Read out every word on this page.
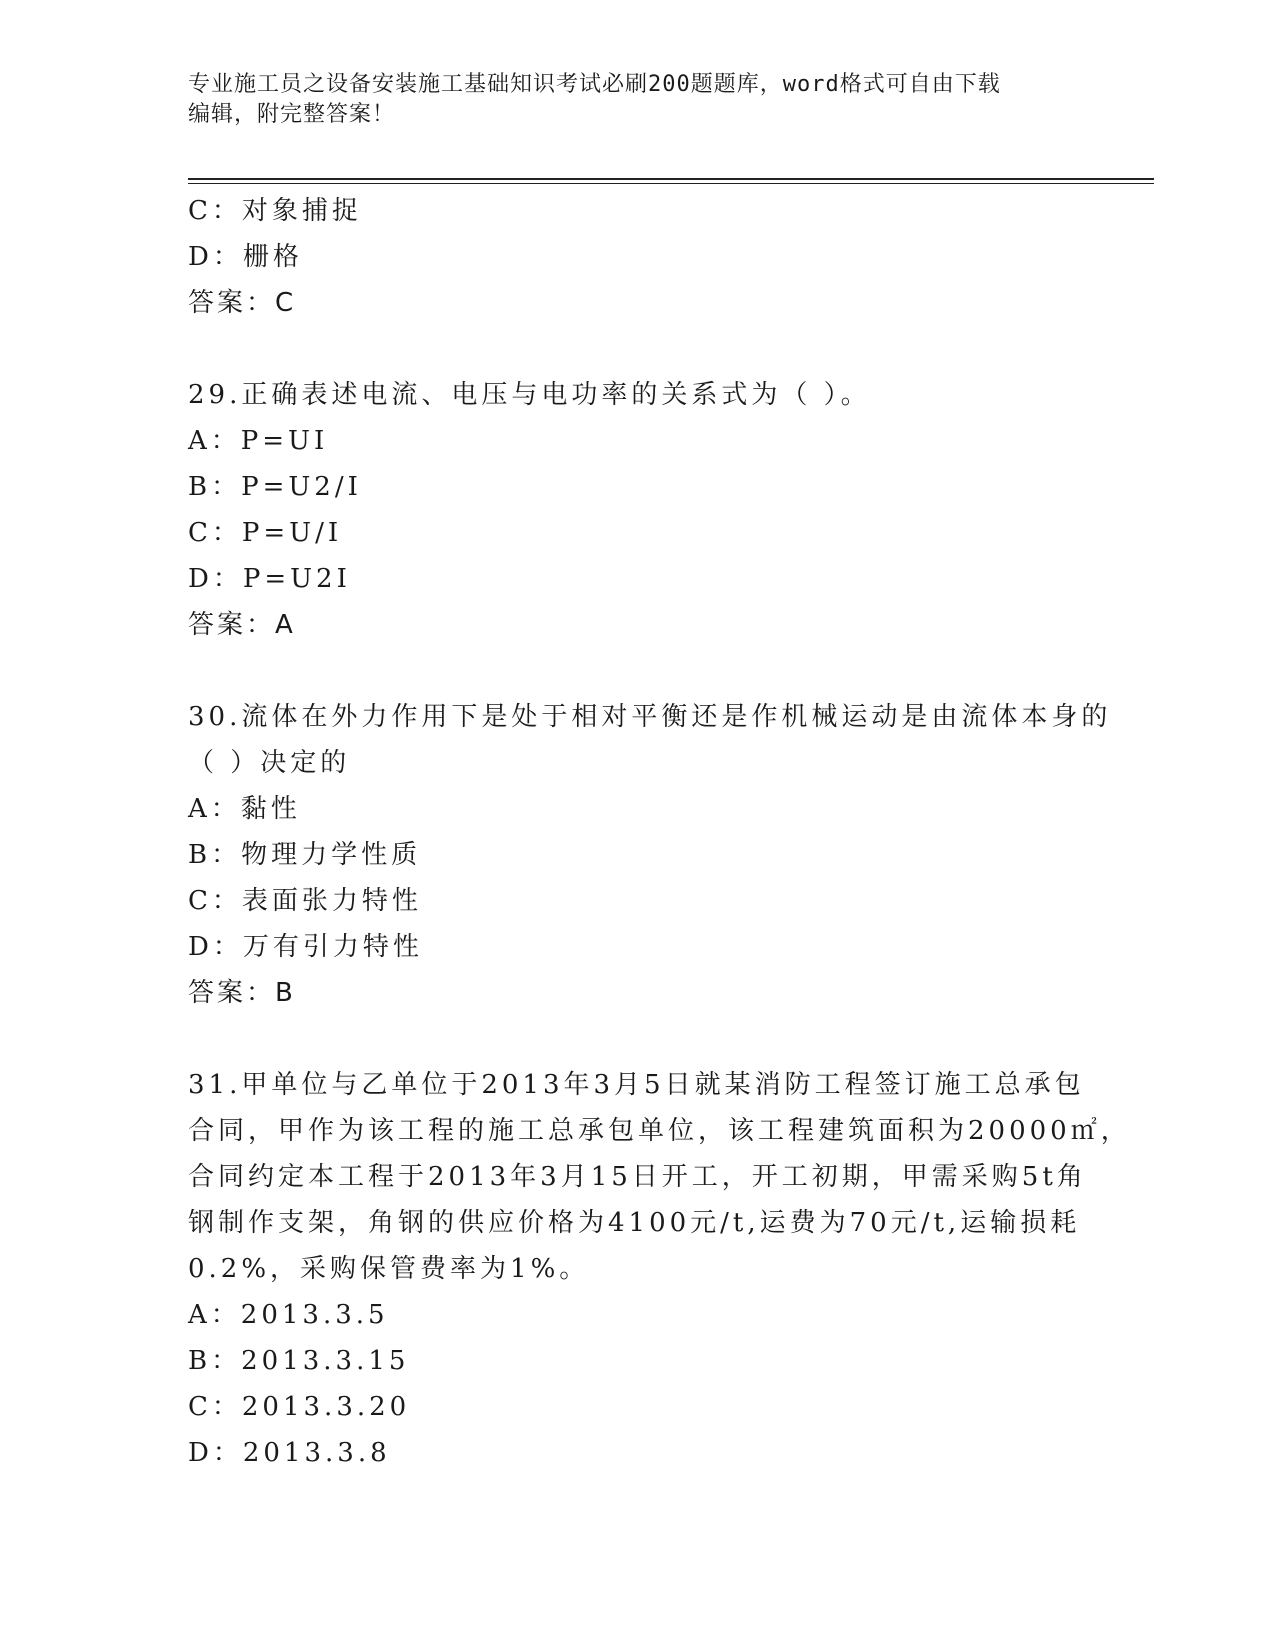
专业施工员之设备安装施工基础知识考试必刷200题题库，word格式可自由下载
编辑，附完整答案！
C：对象捕捉
D：栅格
答案：C
29.正确表述电流、电压与电功率的关系式为（ ）。
A：P=UI
B：P=U2/I
C：P=U/I
D：P=U2I
答案：A
30.流体在外力作用下是处于相对平衡还是作机械运动是由流体本身的
（ ）决定的
A：黏性
B：物理力学性质
C：表面张力特性
D：万有引力特性
答案：B
31.甲单位与乙单位于2013年3月5日就某消防工程签订施工总承包
合同，甲作为该工程的施工总承包单位，该工程建筑面积为20000㎡，
合同约定本工程于2013年3月15日开工，开工初期，甲需采购5t角
钢制作支架，角钢的供应价格为4100元/t,运费为70元/t,运输损耗
0.2%，采购保管费率为1%。
A：2013.3.5
B：2013.3.15
C：2013.3.20
D：2013.3.8
